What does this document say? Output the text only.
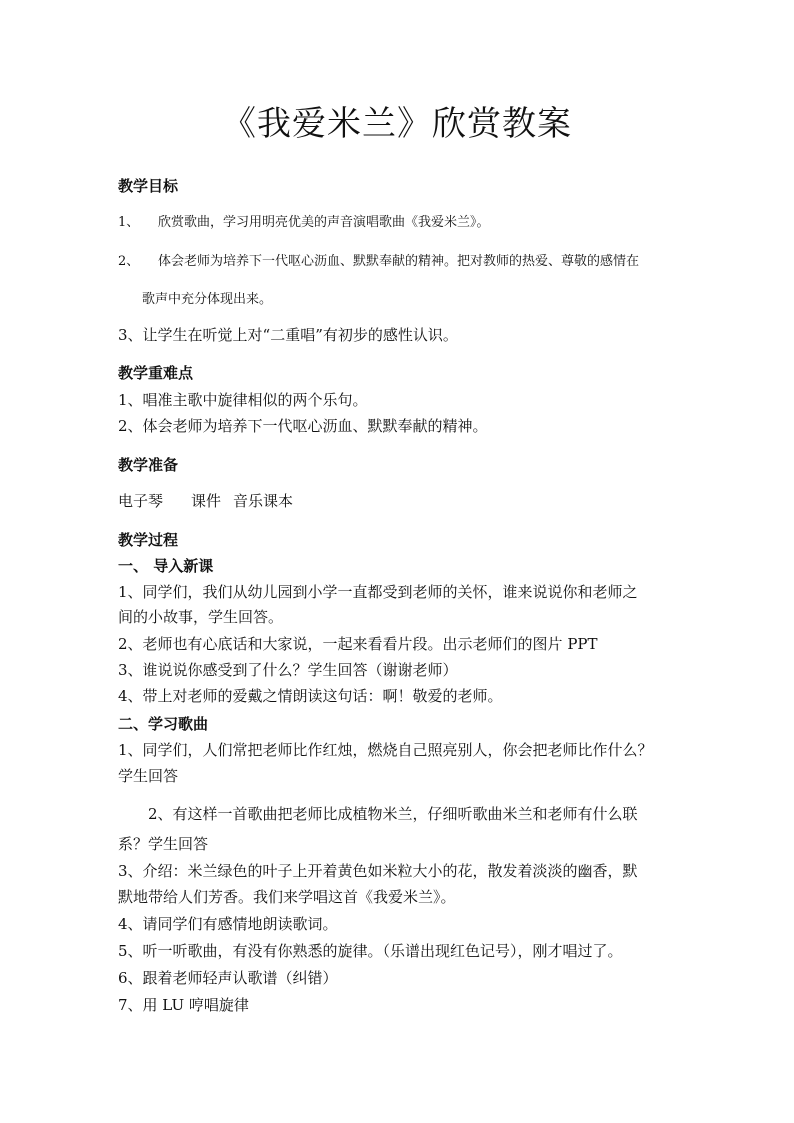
《我爱米兰》欣赏教案
教学目标
1、 欣赏歌曲，学习用明亮优美的声音演唱歌曲《我爱米兰》。
2、 体会老师为培养下一代呕心沥血、默默奉献的精神。把对教师的热爱、尊敬的感情在
歌声中充分体现出来。
3、让学生在听觉上对“二重唱”有初步的感性认识。
教学重难点
1、唱准主歌中旋律相似的两个乐句。
2、体会老师为培养下一代呕心沥血、默默奉献的精神。
教学准备
电子琴 课件 音乐课本
教学过程
一、 导入新课
1、同学们，我们从幼儿园到小学一直都受到老师的关怀，谁来说说你和老师之
间的小故事，学生回答。
2、老师也有心底话和大家说，一起来看看片段。出示老师们的图片 PPT
3、谁说说你感受到了什么？学生回答（谢谢老师）
4、带上对老师的爱戴之情朗读这句话：啊！敬爱的老师。
二、学习歌曲
1、同学们，人们常把老师比作红烛，燃烧自己照亮别人，你会把老师比作什么？
学生回答
2、有这样一首歌曲把老师比成植物米兰，仔细听歌曲米兰和老师有什么联
系？学生回答
3、介绍：米兰绿色的叶子上开着黄色如米粒大小的花，散发着淡淡的幽香，默
默地带给人们芳香。我们来学唱这首《我爱米兰》。
4、请同学们有感情地朗读歌词。
5、听一听歌曲，有没有你熟悉的旋律。（乐谱出现红色记号），刚才唱过了。
6、跟着老师轻声认歌谱（纠错）
7、用 LU 哼唱旋律
